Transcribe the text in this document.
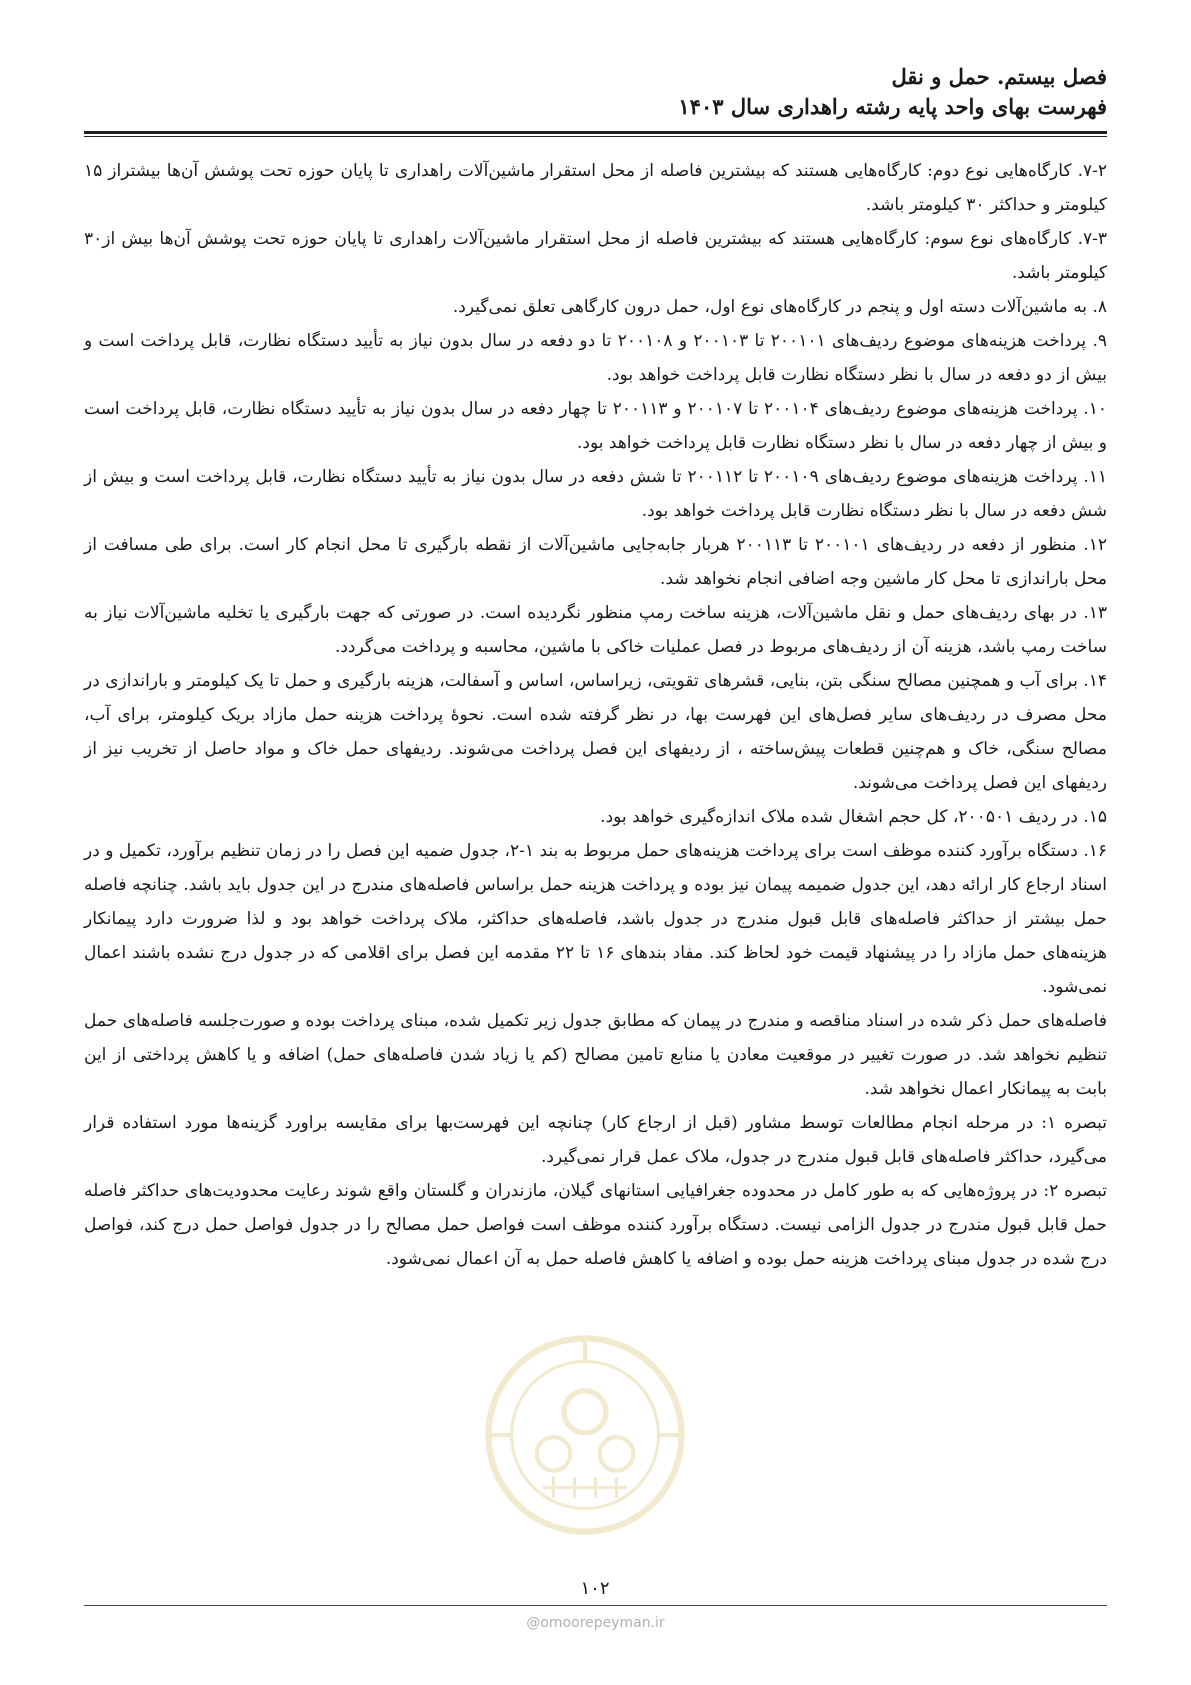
فصل بیستم. حمل و نقل
فهرست بهای واحد پایه رشته راهداری سال ۱۴۰۳

۷-۲. کارگاه‌هایی نوع دوم: کارگاه‌هایی هستند که بیشترین فاصله از محل استقرار ماشین‌آلات راهداری تا پایان حوزه تحت پوشش آن‌ها بیشتراز ۱۵ کیلومتر و حداکثر ۳۰ کیلومتر باشد.

۷-۳. کارگاه‌های نوع سوم: کارگاه‌هایی هستند که بیشترین فاصله از محل استقرار ماشین‌آلات راهداری تا پایان حوزه تحت پوشش آن‌ها بیش از۳۰ کیلومتر باشد.

۸. به ماشین‌آلات دسته اول و پنجم در کارگاه‌های نوع اول، حمل درون کارگاهی تعلق نمی‌گیرد.

۹. پرداخت هزینه‌های موضوع ردیف‌های ۲۰۰۱۰۱ تا ۲۰۰۱۰۳ و ۲۰۰۱۰۸ تا دو دفعه در سال بدون نیاز به تأیید دستگاه نظارت، قابل پرداخت است و بیش از دو دفعه در سال با نظر دستگاه نظارت قابل پرداخت خواهد بود.

۱۰. پرداخت هزینه‌های موضوع ردیف‌های ۲۰۰۱۰۴ تا ۲۰۰۱۰۷ و ۲۰۰۱۱۳ تا چهار دفعه در سال بدون نیاز به تأیید دستگاه نظارت، قابل پرداخت است و بیش از چهار دفعه در سال با نظر دستگاه نظارت قابل پرداخت خواهد بود.

۱۱. پرداخت هزینه‌های موضوع ردیف‌های ۲۰۰۱۰۹ تا ۲۰۰۱۱۲ تا شش دفعه در سال بدون نیاز به تأیید دستگاه نظارت، قابل پرداخت است و بیش از شش دفعه در سال با نظر دستگاه نظارت قابل پرداخت خواهد بود.

۱۲. منظور از دفعه در ردیف‌های ۲۰۰۱۰۱ تا ۲۰۰۱۱۳ هربار جابه‌جایی ماشین‌آلات از نقطه بارگیری تا محل انجام کار است. برای طی مسافت از محل باراندازی تا محل کار ماشین وجه اضافی انجام نخواهد شد.

۱۳. در بهای ردیف‌های حمل و نقل ماشین‌آلات، هزینه ساخت رمپ منظور نگردیده است. در صورتی که جهت بارگیری یا تخلیه ماشین‌آلات نیاز به ساخت رمپ باشد، هزینه آن از ردیف‌های مربوط در فصل عملیات خاکی با ماشین، محاسبه و پرداخت می‌گردد.

۱۴. برای آب و همچنین مصالح سنگی بتن، بنایی، قشرهای تقویتی، زیراساس، اساس و آسفالت، هزینه بارگیری و حمل تا یک کیلومتر و باراندازی در محل مصرف در ردیف‌های سایر فصل‌های این فهرست بها، در نظر گرفته شده است. نحوهٔ پرداخت هزینه حمل مازاد بریک کیلومتر، برای آب، مصالح سنگی، خاک و هم‌چنین قطعات پیش‌ساخته ، از ردیفهای این فصل پرداخت می‌شوند. ردیفهای حمل خاک و مواد حاصل از تخریب نیز از ردیفهای این فصل پرداخت می‌شوند.

۱۵. در ردیف ۲۰۰۵۰۱، کل حجم اشغال شده ملاک اندازه‌گیری خواهد بود.

۱۶. دستگاه برآورد کننده موظف است برای پرداخت هزینه‌های حمل مربوط به بند ۱-۲، جدول ضمیه این فصل را در زمان تنظیم برآورد، تکمیل و در اسناد ارجاع کار ارائه دهد، این جدول ضمیمه پیمان نیز بوده و پرداخت هزینه حمل براساس فاصله‌های مندرج در این جدول باید باشد. چنانچه فاصله حمل بیشتر از حداکثر فاصله‌های قابل قبول مندرج در جدول باشد، فاصله‌های حداکثر، ملاک پرداخت خواهد بود و لذا ضرورت دارد پیمانکار هزینه‌های حمل مازاد را در پیشنهاد قیمت خود لحاظ کند. مفاد بندهای ۱۶ تا ۲۲ مقدمه این فصل برای اقلامی که در جدول درج نشده باشند اعمال نمی‌شود.

فاصله‌های حمل ذکر شده در اسناد مناقصه و مندرج در پیمان که مطابق جدول زیر تکمیل شده، مبنای پرداخت بوده و صورت‌جلسه فاصله‌های حمل تنظیم نخواهد شد. در صورت تغییر در موقعیت معادن یا منابع تامین مصالح (کم یا زیاد شدن فاصله‌های حمل) اضافه و یا کاهش پرداختی از این بابت به پیمانکار اعمال نخواهد شد.

تبصره ۱: در مرحله انجام مطالعات توسط مشاور (قبل از ارجاع کار) چنانچه این فهرست‌بها برای مقایسه براورد گزینه‌ها مورد استفاده قرار می‌گیرد، حداکثر فاصله‌های قابل قبول مندرج در جدول، ملاک عمل قرار نمی‌گیرد.

تبصره ۲: در پروژه‌هایی که به طور کامل در محدوده جغرافیایی استانهای گیلان، مازندران و گلستان واقع شوند رعایت محدودیت‌های حداکثر فاصله حمل قابل قبول مندرج در جدول الزامی نیست. دستگاه برآورد کننده موظف است فواصل حمل مصالح را در جدول فواصل حمل درج کند، فواصل درج شده در جدول مبنای پرداخت هزینه حمل بوده و اضافه یا کاهش فاصله حمل به آن اعمال نمی‌شود.

۱۰۲
@omoorepeyman.ir
